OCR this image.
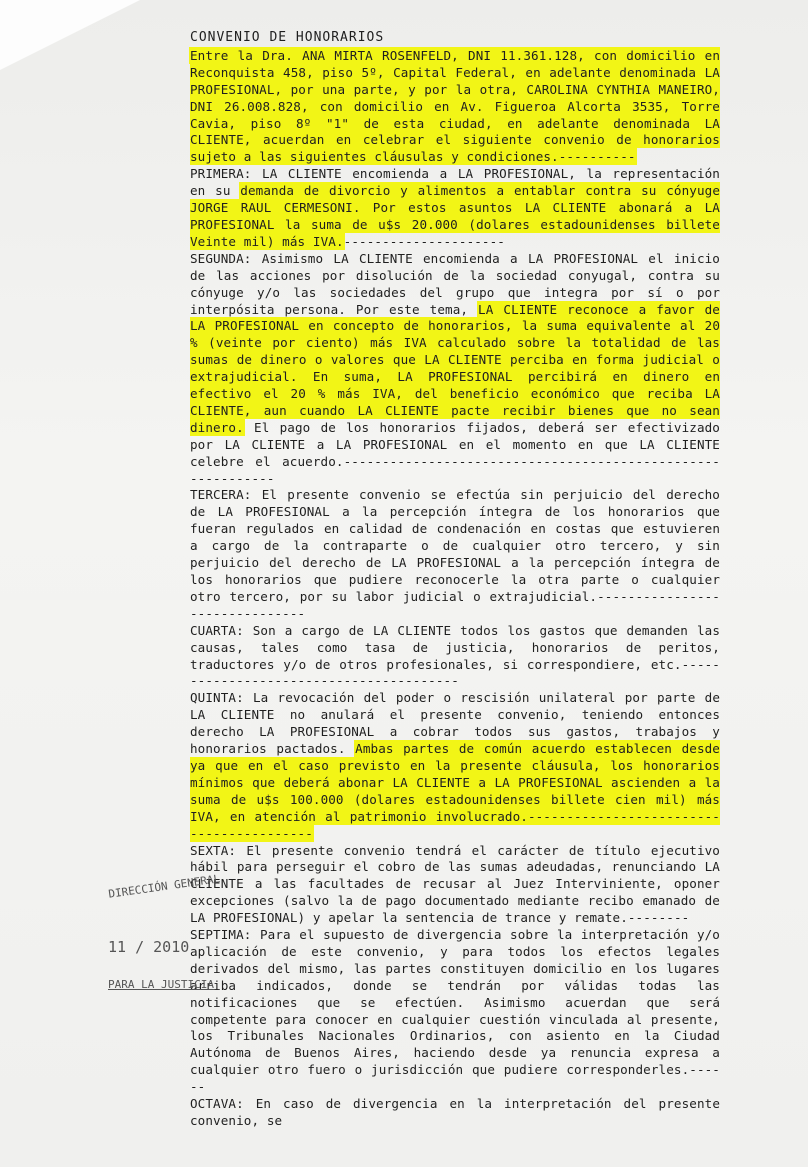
CONVENIO DE HONORARIOS

Entre la Dra. ANA MIRTA ROSENFELD, DNI 11.361.128, con domicilio en Reconquista 458, piso 5º, Capital Federal, en adelante denominada LA PROFESIONAL, por una parte, y por la otra, CAROLINA CYNTHIA MANEIRO, DNI 26.008.828, con domicilio en Av. Figueroa Alcorta 3535, Torre Cavia, piso 8º "1" de esta ciudad, en adelante denominada LA CLIENTE, acuerdan en celebrar el siguiente convenio de honorarios sujeto a las siguientes cláusulas y condiciones.----------

PRIMERA: LA CLIENTE encomienda a LA PROFESIONAL, la representación en su demanda de divorcio y alimentos a entablar contra su cónyuge JORGE RAUL CERMESONI. Por estos asuntos LA CLIENTE abonará a LA PROFESIONAL la suma de u$s 20.000 (dolares estadounidenses billete Veinte mil) más IVA.---------------------

SEGUNDA: Asimismo LA CLIENTE encomienda a LA PROFESIONAL el inicio de las acciones por disolución de la sociedad conyugal, contra su cónyuge y/o las sociedades del grupo que integra por sí o por interpósita persona. Por este tema, LA CLIENTE reconoce a favor de LA PROFESIONAL en concepto de honorarios, la suma equivalente al 20 % (veinte por ciento) más IVA calculado sobre la totalidad de las sumas de dinero o valores que LA CLIENTE perciba en forma judicial o extrajudicial. En suma, LA PROFESIONAL percibirá en dinero en efectivo el 20 % más IVA, del beneficio económico que reciba LA CLIENTE, aun cuando LA CLIENTE pacte recibir bienes que no sean dinero. El pago de los honorarios fijados, deberá ser efectivizado por LA CLIENTE a LA PROFESIONAL en el momento en que LA CLIENTE celebre el acuerdo.------------------------------------------------------------

TERCERA: El presente convenio se efectúa sin perjuicio del derecho de LA PROFESIONAL a la percepción íntegra de los honorarios que fueran regulados en calidad de condenación en costas que estuvieren a cargo de la contraparte o de cualquier otro tercero, y sin perjuicio del derecho de LA PROFESIONAL a la percepción íntegra de los honorarios que pudiere reconocerle la otra parte o cualquier otro tercero, por su labor judicial o extrajudicial.-------------------------------

CUARTA: Son a cargo de LA CLIENTE todos los gastos que demanden las causas, tales como tasa de justicia, honorarios de peritos, traductores y/o de otros profesionales, si correspondiere, etc.----------------------------------------

QUINTA: La revocación del poder o rescisión unilateral por parte de LA CLIENTE no anulará el presente convenio, teniendo entonces derecho LA PROFESIONAL a cobrar todos sus gastos, trabajos y honorarios pactados. Ambas partes de común acuerdo establecen desde ya que en el caso previsto en la presente cláusula, los honorarios mínimos que deberá abonar LA CLIENTE a LA PROFESIONAL ascienden a la suma de u$s 100.000 (dolares estadounidenses billete cien mil) más IVA, en atención al patrimonio involucrado.-----------------------------------------

SEXTA: El presente convenio tendrá el carácter de título ejecutivo hábil para perseguir el cobro de las sumas adeudadas, renunciando LA CLIENTE a las facultades de recusar al Juez Interviniente, oponer excepciones (salvo la de pago documentado mediante recibo emanado de LA PROFESIONAL) y apelar la sentencia de trance y remate.--------

SEPTIMA: Para el supuesto de divergencia sobre la interpretación y/o aplicación de este convenio, y para todos los efectos legales derivados del mismo, las partes constituyen domicilio en los lugares arriba indicados, donde se tendrán por válidas todas las notificaciones que se efectúen. Asimismo acuerdan que será competente para conocer en cualquier cuestión vinculada al presente, los Tribunales Nacionales Ordinarios, con asiento en la Ciudad Autónoma de Buenos Aires, haciendo desde ya renuncia expresa a cualquier otro fuero o jurisdicción que pudiere corresponderles.------

OCTAVA: En caso de divergencia en la interpretación del presente convenio, se

DIRECCIÓN GENERAL
11 / 2010
PARA LA JUSTICIA
